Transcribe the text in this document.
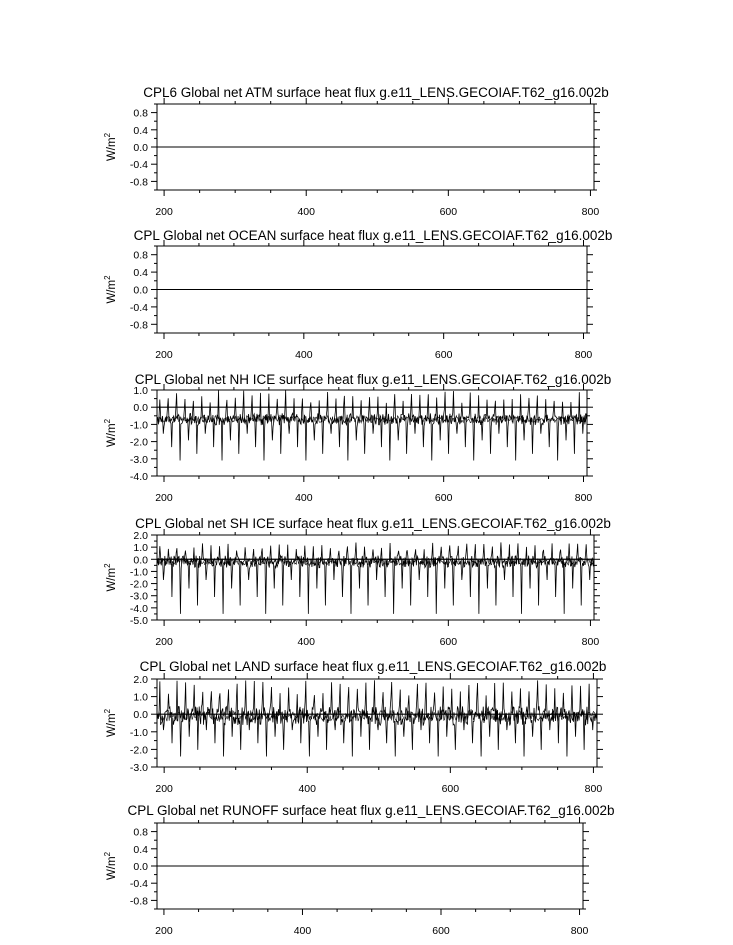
CPL6 Global net ATM surface heat flux g.e11_LENS.GECOIAF.T62_g16.002b
200	400	600	800
0.8
0.4
0.0
-0.4
-0.8
$W/m^2$
CPL Global net OCEAN surface heat flux g.e11_LENS.GECOIAF.T62_g16.002b
200	400	600	800
0.8
0.4
0.0
-0.4
-0.8
$W/m^2$
CPL Global net NH ICE surface heat flux g.e11_LENS.GECOIAF.T62_g16.002b
200	400	600	800
1.0
0.0
-1.0
-2.0
-3.0
-4.0
$W/m^2$
CPL Global net SH ICE surface heat flux g.e11_LENS.GECOIAF.T62_g16.002b
200	400	600	800
2.0
1.0
0.0
-1.0
-2.0
-3.0
-4.0
-5.0
$W/m^2$
CPL Global net LAND surface heat flux g.e11_LENS.GECOIAF.T62_g16.002b
200	400	600	800
2.0
1.0
0.0
-1.0
-2.0
-3.0
$W/m^2$
CPL Global net RUNOFF surface heat flux g.e11_LENS.GECOIAF.T62_g16.002b
200	400	600	800
0.8
0.4
0.0
-0.4
-0.8
$W/m^2$
